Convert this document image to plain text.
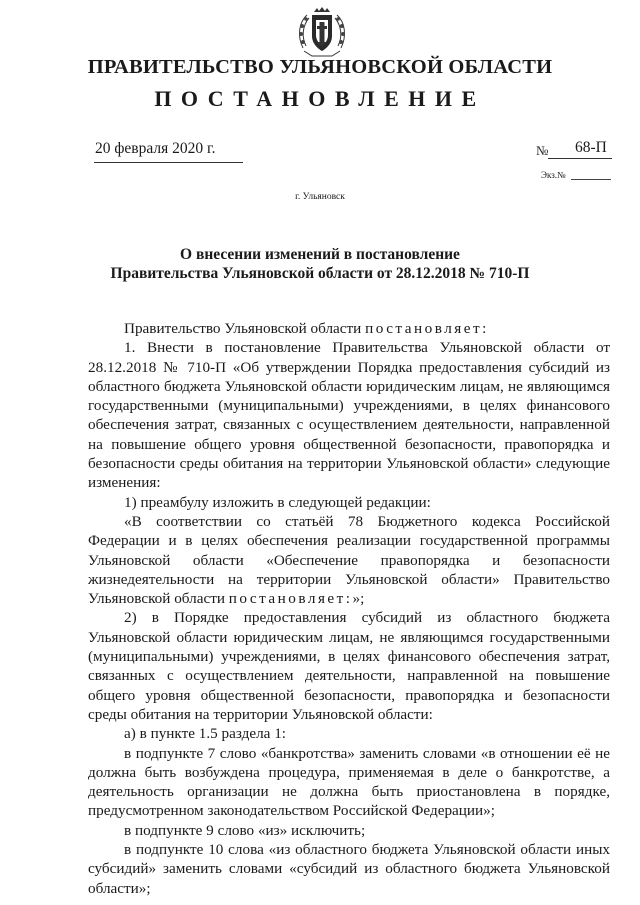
ПРАВИТЕЛЬСТВО УЛЬЯНОВСКОЙ ОБЛАСТИ
ПОСТАНОВЛЕНИЕ
20 февраля 2020 г.	№ 68-П
Экз.№
г. Ульяновск
О внесении изменений в постановление
Правительства Ульяновской области от 28.12.2018 № 710-П

Правительство Ульяновской области постановляет:

1. Внести в постановление Правительства Ульяновской области от 28.12.2018 № 710-П «Об утверждении Порядка предоставления субсидий из областного бюджета Ульяновской области юридическим лицам, не являющимся государственными (муниципальными) учреждениями, в целях финансового обеспечения затрат, связанных с осуществлением деятельности, направленной на повышение общего уровня общественной безопасности, правопорядка и безопасности среды обитания на территории Ульяновской области» следующие изменения:

1) преамбулу изложить в следующей редакции:

«В соответствии со статьёй 78 Бюджетного кодекса Российской Федерации и в целях обеспечения реализации государственной программы Ульяновской области «Обеспечение правопорядка и безопасности жизнедеятельности на территории Ульяновской области» Правительство Ульяновской области постановляет:»;

2) в Порядке предоставления субсидий из областного бюджета Ульяновской области юридическим лицам, не являющимся государственными (муниципальными) учреждениями, в целях финансового обеспечения затрат, связанных с осуществлением деятельности, направленной на повышение общего уровня общественной безопасности, правопорядка и безопасности среды обитания на территории Ульяновской области:

а) в пункте 1.5 раздела 1:

в подпункте 7 слово «банкротства» заменить словами «в отношении её не должна быть возбуждена процедура, применяемая в деле о банкротстве, а деятельность организации не должна быть приостановлена в порядке, предусмотренном законодательством Российской Федерации»;

в подпункте 9 слово «из» исключить;

в подпункте 10 слова «из областного бюджета Ульяновской области иных субсидий» заменить словами «субсидий из областного бюджета Ульяновской области»;
